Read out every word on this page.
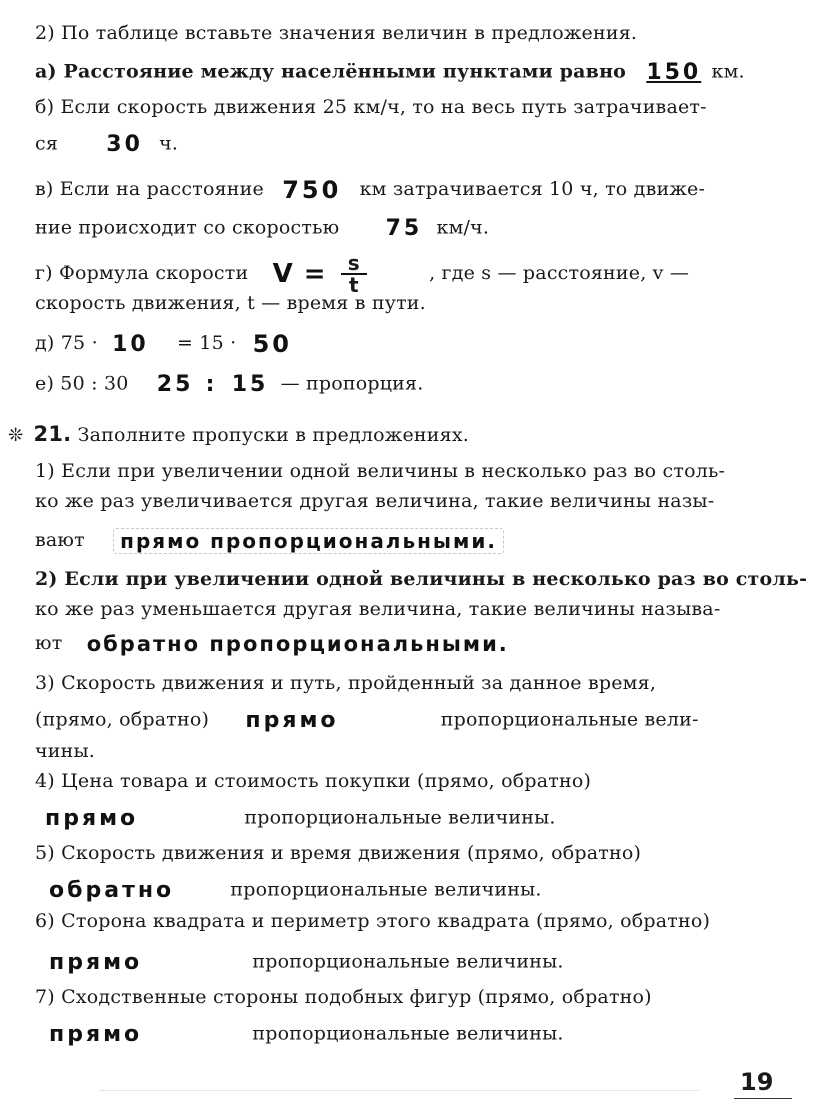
2) По таблице вставьте значения величин в предложения.
а) Расстояние между населёнными пунктами равно 150 км.
б) Если скорость движения 25 км/ч, то на весь путь затрачивает-
ся 30 ч.
в) Если на расстояние 750 км затрачивается 10 ч, то движе-
ние происходит со скоростью 75 км/ч.
г) Формула скорости $V = \frac{s}{t}$	, где s — расстояние, v —
скорость движения, t — время в пути.
д) 75 · 10 = 15 · 50
е) 50 : 30 25 : 15 — пропорция.
❊ 21. Заполните пропуски в предложениях.
1) Если при увеличении одной величины в несколько раз во столь-
ко же раз увеличивается другая величина, такие величины назы-
вают прямо пропорциональными.
2) Если при увеличении одной величины в несколько раз во столь-
ко же раз уменьшается другая величина, такие величины называ-
ют обратно пропорциональными.
3) Скорость движения и путь, пройденный за данное время,
(прямо, обратно) прямо	пропорциональные вели-
чины.
4) Цена товара и стоимость покупки (прямо, обратно)
прямо	пропорциональные величины.
5) Скорость движения и время движения (прямо, обратно)
обратно	пропорциональные величины.
6) Сторона квадрата и периметр этого квадрата (прямо, обратно)
прямо	пропорциональные величины.
7) Сходственные стороны подобных фигур (прямо, обратно)
прямо	пропорциональные величины.
19
